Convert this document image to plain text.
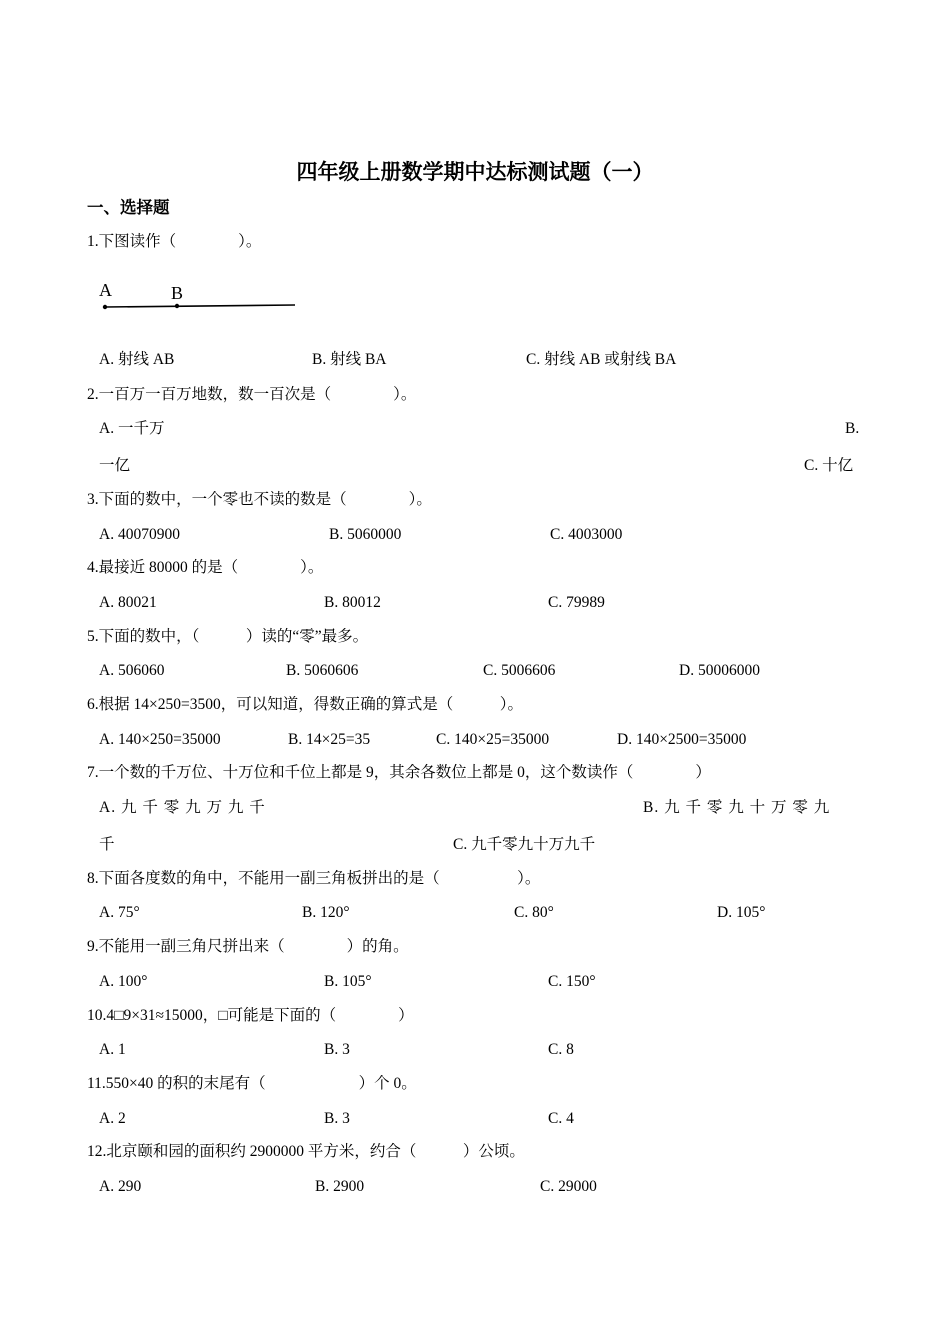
四年级上册数学期中达标测试题（一）
一、选择题
1.下图读作（　　　　）。
A	B
A. 射线 AB	B. 射线 BA	C. 射线 AB 或射线 BA
2.一百万一百万地数，数一百次是（　　　　）。
A. 一千万	B.
一亿	C. 十亿
3.下面的数中，一个零也不读的数是（　　　　）。
A. 40070900	B. 5060000	C. 4003000
4.最接近 80000 的是（　　　　）。
A. 80021	B. 80012	C. 79989
5.下面的数中，（　　　）读的“零”最多。
A. 506060	B. 5060606	C. 5006606	D. 50006000
6.根据 14×250=3500，可以知道，得数正确的算式是（　　　）。
A. 140×250=35000	B. 14×25=35	C. 140×25=35000	D. 140×2500=35000
7.一个数的千万位、十万位和千位上都是 9，其余各数位上都是 0，这个数读作（　　　　）
A. 九 千 零 九 万 九 千	B. 九 千 零 九 十 万 零 九
千	C. 九千零九十万九千
8.下面各度数的角中，不能用一副三角板拼出的是（　　　　　）。
A. 75°	B. 120°	C. 80°	D. 105°
9.不能用一副三角尺拼出来（　　　　）的角。
A. 100°	B. 105°	C. 150°
10.4□9×31≈15000，□可能是下面的（　　　　）
A. 1	B. 3	C. 8
11.550×40 的积的末尾有（　　　　　　）个 0。
A. 2	B. 3	C. 4
12.北京颐和园的面积约 2900000 平方米，约合（　　　）公顷。
A. 290	B. 2900	C. 29000
